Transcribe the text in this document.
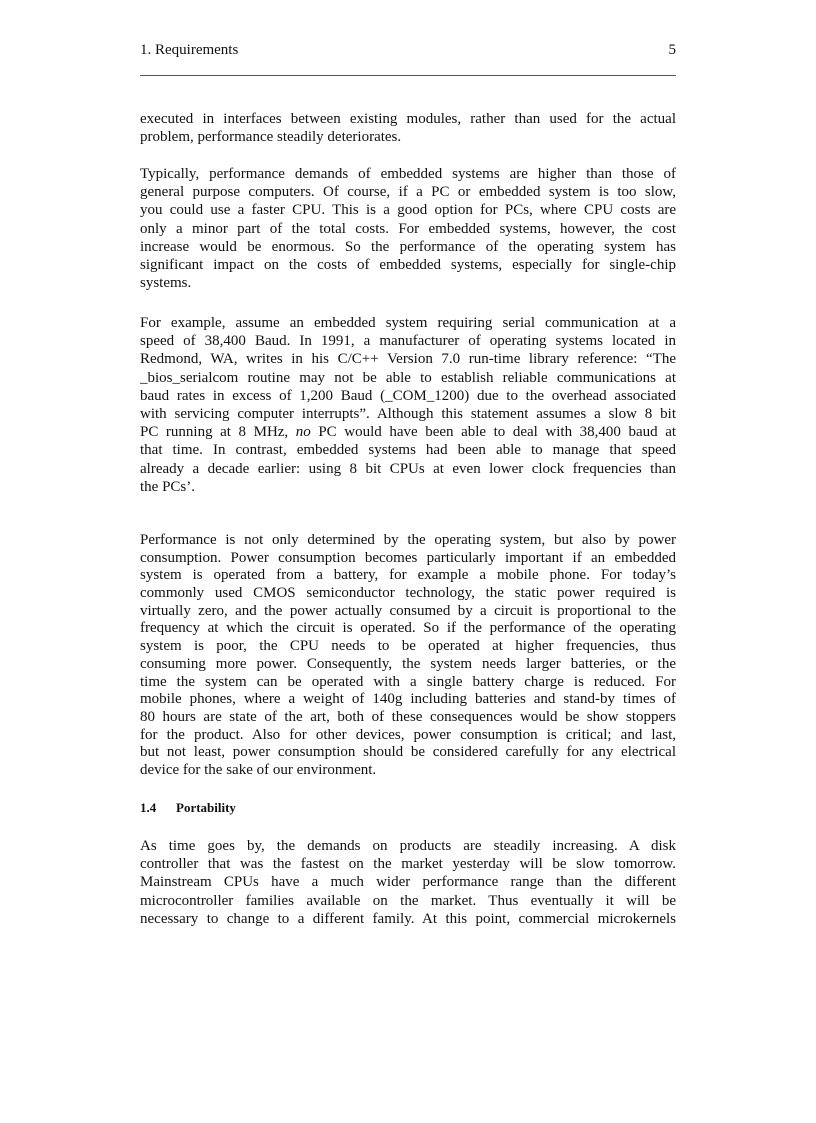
1. Requirements	5
executed in interfaces between existing modules, rather than used for the actual
problem, performance steadily deteriorates.
Typically, performance demands of embedded systems are higher than those of
general purpose computers. Of course, if a PC or embedded system is too slow,
you could use a faster CPU. This is a good option for PCs, where CPU costs are
only a minor part of the total costs. For embedded systems, however, the cost
increase would be enormous. So the performance of the operating system has
significant impact on the costs of embedded systems, especially for single-chip
systems.
For example, assume an embedded system requiring serial communication at a
speed of 38,400 Baud. In 1991, a manufacturer of operating systems located in
Redmond, WA, writes in his C/C++ Version 7.0 run-time library reference: “The
_bios_serialcom routine may not be able to establish reliable communications at
baud rates in excess of 1,200 Baud (_COM_1200) due to the overhead associated
with servicing computer interrupts”. Although this statement assumes a slow 8 bit
PC running at 8 MHz, no PC would have been able to deal with 38,400 baud at
that time. In contrast, embedded systems had been able to manage that speed
already a decade earlier: using 8 bit CPUs at even lower clock frequencies than
the PCs’.
Performance is not only determined by the operating system, but also by power
consumption. Power consumption becomes particularly important if an embedded
system is operated from a battery, for example a mobile phone. For today’s
commonly used CMOS semiconductor technology, the static power required is
virtually zero, and the power actually consumed by a circuit is proportional to the
frequency at which the circuit is operated. So if the performance of the operating
system is poor, the CPU needs to be operated at higher frequencies, thus
consuming more power. Consequently, the system needs larger batteries, or the
time the system can be operated with a single battery charge is reduced. For
mobile phones, where a weight of 140g including batteries and stand-by times of
80 hours are state of the art, both of these consequences would be show stoppers
for the product. Also for other devices, power consumption is critical; and last,
but not least, power consumption should be considered carefully for any electrical
device for the sake of our environment.
1.4 Portability
As time goes by, the demands on products are steadily increasing. A disk
controller that was the fastest on the market yesterday will be slow tomorrow.
Mainstream CPUs have a much wider performance range than the different
microcontroller families available on the market. Thus eventually it will be
necessary to change to a different family. At this point, commercial microkernels
